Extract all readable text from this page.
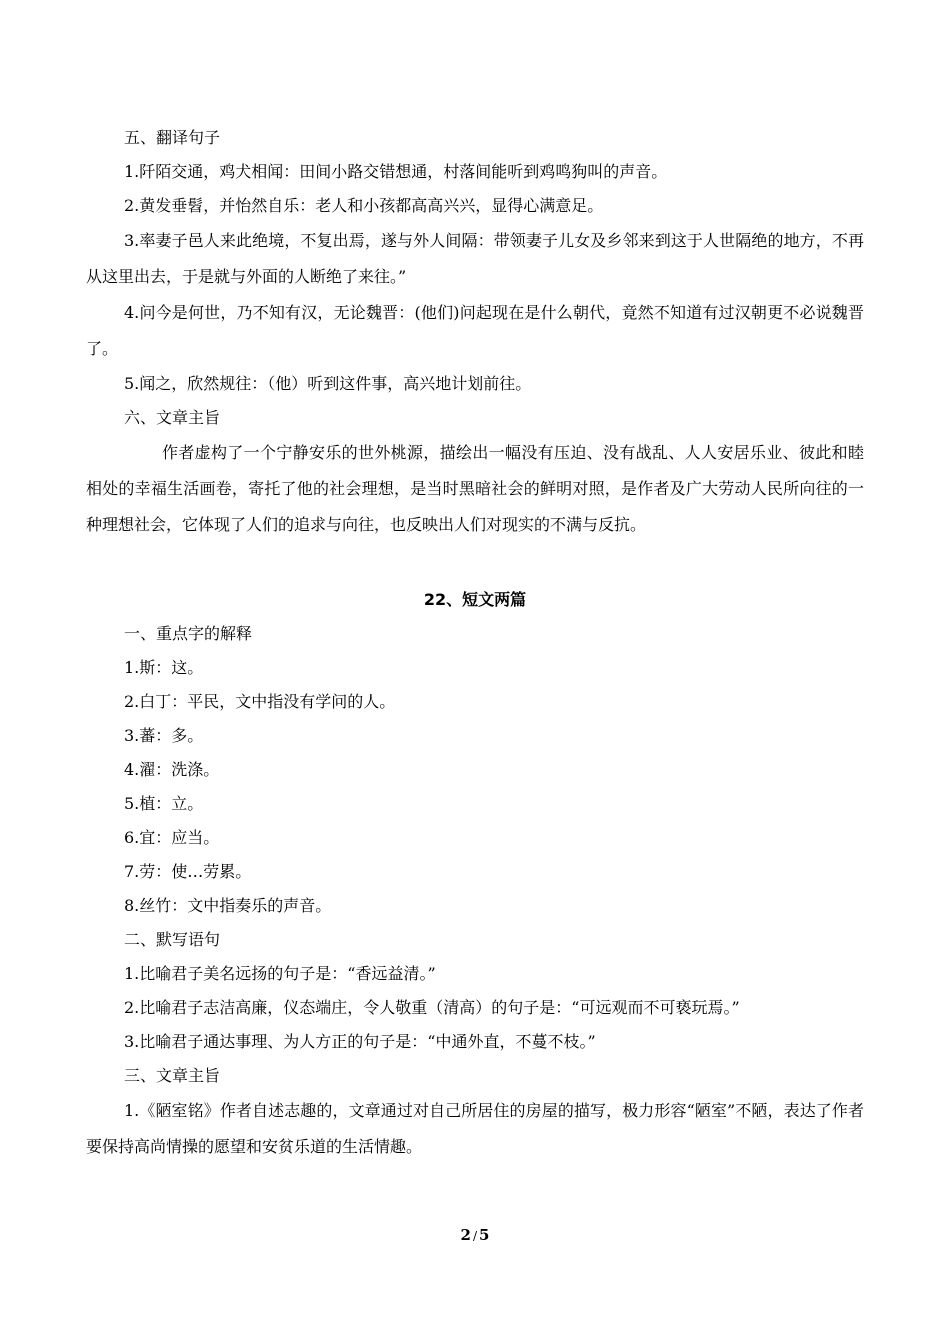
五、翻译句子

1.阡陌交通，鸡犬相闻：田间小路交错想通，村落间能听到鸡鸣狗叫的声音。

2.黄发垂髫，并怡然自乐：老人和小孩都高高兴兴，显得心满意足。

3.率妻子邑人来此绝境，不复出焉，遂与外人间隔：带领妻子儿女及乡邻来到这于人世隔绝的地方，不再从这里出去，于是就与外面的人断绝了来往。”

4.问今是何世，乃不知有汉，无论魏晋：(他们)问起现在是什么朝代，竟然不知道有过汉朝更不必说魏晋了。

5.闻之，欣然规往：（他）听到这件事，高兴地计划前往。

六、文章主旨

作者虚构了一个宁静安乐的世外桃源，描绘出一幅没有压迫、没有战乱、人人安居乐业、彼此和睦相处的幸福生活画卷，寄托了他的社会理想，是当时黑暗社会的鲜明对照，是作者及广大劳动人民所向往的一种理想社会，它体现了人们的追求与向往，也反映出人们对现实的不满与反抗。

22、短文两篇

一、重点字的解释

1.斯：这。

2.白丁：平民，文中指没有学问的人。

3.蕃：多。

4.濯：洗涤。

5.植：立。

6.宜：应当。

7.劳：使…劳累。

8.丝竹：文中指奏乐的声音。

二、默写语句

1.比喻君子美名远扬的句子是：“香远益清。”

2.比喻君子志洁高廉，仪态端庄，令人敬重（清高）的句子是：“可远观而不可亵玩焉。”

3.比喻君子通达事理、为人方正的句子是：“中通外直，不蔓不枝。”

三、文章主旨

1.《陋室铭》作者自述志趣的，文章通过对自己所居住的房屋的描写，极力形容“陋室”不陋，表达了作者要保持高尚情操的愿望和安贫乐道的生活情趣。

2 / 5
